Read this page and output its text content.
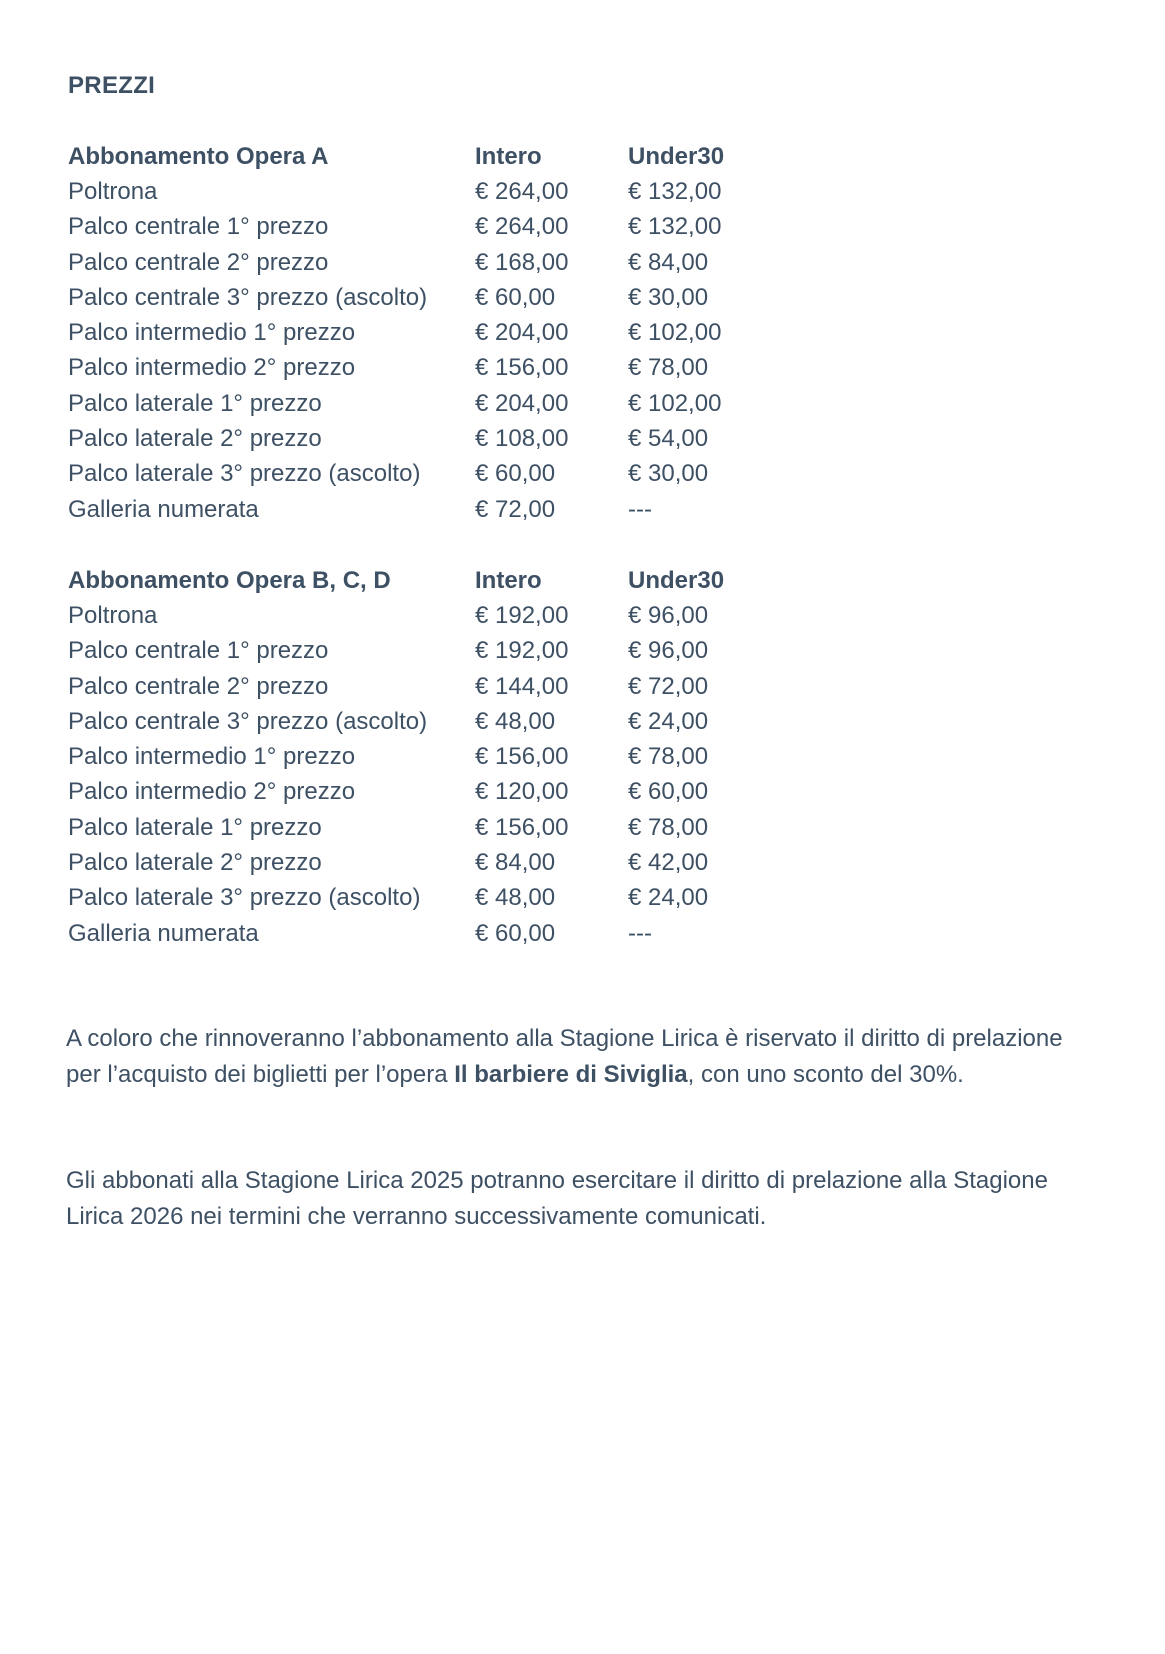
PREZZI
Abbonamento Opera A	Intero	Under30
Poltrona	€ 264,00	€ 132,00
Palco centrale 1° prezzo	€ 264,00	€ 132,00
Palco centrale 2° prezzo	€ 168,00	€ 84,00
Palco centrale 3° prezzo (ascolto)	€ 60,00	€ 30,00
Palco intermedio 1° prezzo	€ 204,00	€ 102,00
Palco intermedio 2° prezzo	€ 156,00	€ 78,00
Palco laterale 1° prezzo	€ 204,00	€ 102,00
Palco laterale 2° prezzo	€ 108,00	€ 54,00
Palco laterale 3° prezzo (ascolto)	€ 60,00	€ 30,00
Galleria numerata	€ 72,00	---
Abbonamento Opera B, C, D	Intero	Under30
Poltrona	€ 192,00	€ 96,00
Palco centrale 1° prezzo	€ 192,00	€ 96,00
Palco centrale 2° prezzo	€ 144,00	€ 72,00
Palco centrale 3° prezzo (ascolto)	€ 48,00	€ 24,00
Palco intermedio 1° prezzo	€ 156,00	€ 78,00
Palco intermedio 2° prezzo	€ 120,00	€ 60,00
Palco laterale 1° prezzo	€ 156,00	€ 78,00
Palco laterale 2° prezzo	€ 84,00	€ 42,00
Palco laterale 3° prezzo (ascolto)	€ 48,00	€ 24,00
Galleria numerata	€ 60,00	---

A coloro che rinnoveranno l’abbonamento alla Stagione Lirica è riservato il diritto di prelazione per l’acquisto dei biglietti per l’opera Il barbiere di Siviglia, con uno sconto del 30%.

Gli abbonati alla Stagione Lirica 2025 potranno esercitare il diritto di prelazione alla Stagione Lirica 2026 nei termini che verranno successivamente comunicati.
